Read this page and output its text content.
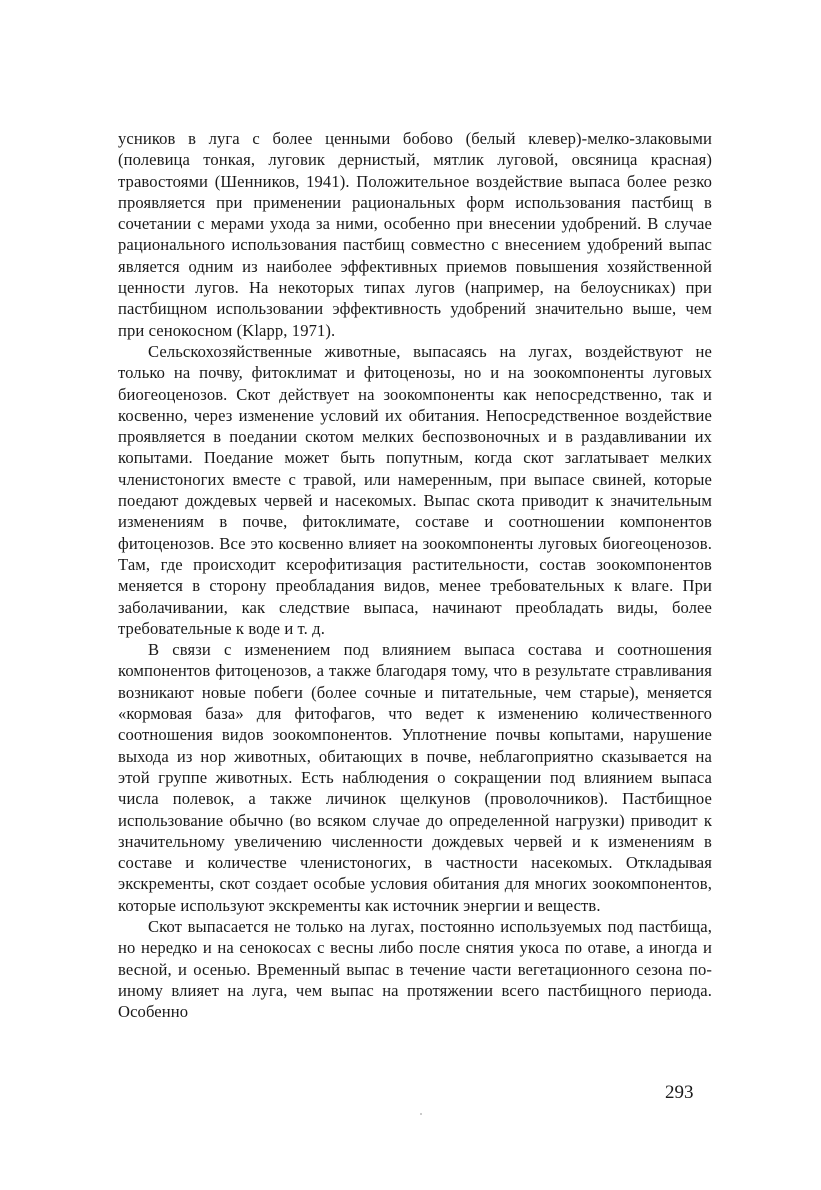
усников в луга с более ценными бобово (белый клевер)-мелко-злаковыми (полевица тонкая, луговик дернистый, мятлик луговой, овсяница красная) травостоями (Шенников, 1941). Положительное воздействие выпаса более резко проявляется при применении рациональных форм использования пастбищ в сочетании с мерами ухода за ними, особенно при внесении удобрений. В случае рационального использования пастбищ совместно с внесением удобрений выпас является одним из наиболее эффективных приемов повышения хозяйственной ценности лугов. На некоторых типах лугов (например, на белоусниках) при пастбищном использовании эффективность удобрений значительно выше, чем при сенокосном (Klapp, 1971).

Сельскохозяйственные животные, выпасаясь на лугах, воздействуют не только на почву, фитоклимат и фитоценозы, но и на зоокомпоненты луговых биогеоценозов. Скот действует на зоокомпоненты как непосредственно, так и косвенно, через изменение условий их обитания. Непосредственное воздействие проявляется в поедании скотом мелких беспозвоночных и в раздавливании их копытами. Поедание может быть попутным, когда скот заглатывает мелких членистоногих вместе с травой, или намеренным, при выпасе свиней, которые поедают дождевых червей и насекомых. Выпас скота приводит к значительным изменениям в почве, фитоклимате, составе и соотношении компонентов фитоценозов. Все это косвенно влияет на зоокомпоненты луговых биогеоценозов. Там, где происходит ксерофитизация растительности, состав зоокомпонентов меняется в сторону преобладания видов, менее требовательных к влаге. При заболачивании, как следствие выпаса, начинают преобладать виды, более требовательные к воде и т. д.

В связи с изменением под влиянием выпаса состава и соотношения компонентов фитоценозов, а также благодаря тому, что в результате стравливания возникают новые побеги (более сочные и питательные, чем старые), меняется «кормовая база» для фитофагов, что ведет к изменению количественного соотношения видов зоокомпонентов. Уплотнение почвы копытами, нарушение выхода из нор животных, обитающих в почве, неблагоприятно сказывается на этой группе животных. Есть наблюдения о сокращении под влиянием выпаса числа полевок, а также личинок щелкунов (проволочников). Пастбищное использование обычно (во всяком случае до определенной нагрузки) приводит к значительному увеличению численности дождевых червей и к изменениям в составе и количестве членистоногих, в частности насекомых. Откладывая экскременты, скот создает особые условия обитания для многих зоокомпонентов, которые используют экскременты как источник энергии и веществ.

Скот выпасается не только на лугах, постоянно используемых под пастбища, но нередко и на сенокосах с весны либо после снятия укоса по отаве, а иногда и весной, и осенью. Временный выпас в течение части вегетационного сезона по-иному влияет на луга, чем выпас на протяжении всего пастбищного периода. Особенно

293
